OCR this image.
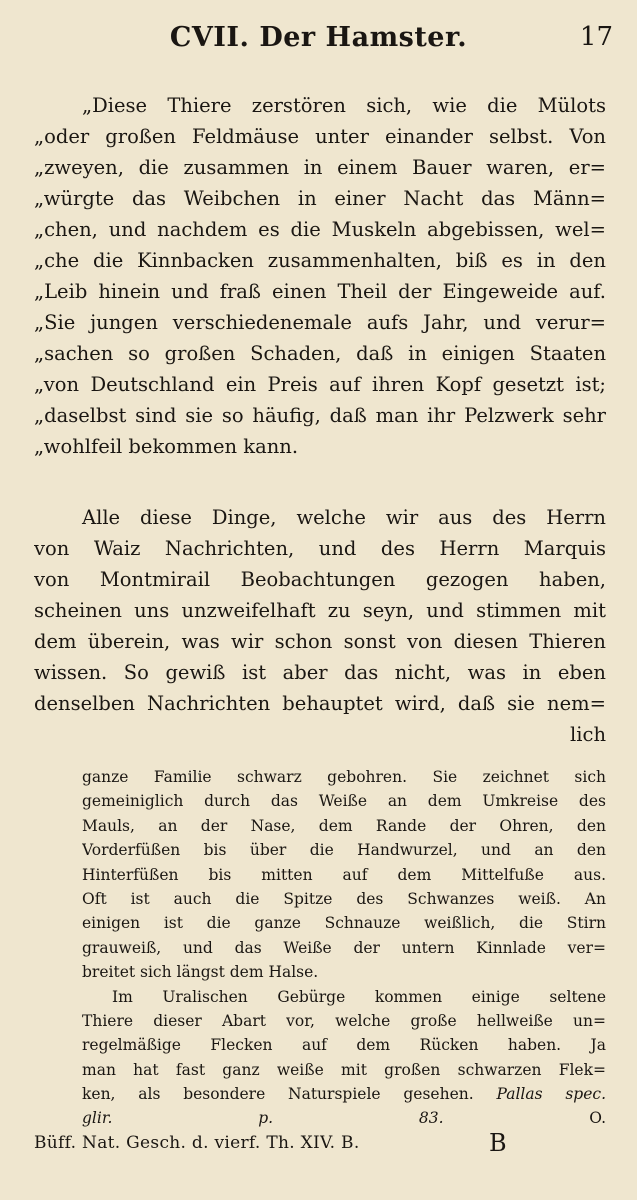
CVII. Der Hamster.	17
„Diese Thiere zerstören sich, wie die Mülots
„oder großen Feldmäuse unter einander selbst. Von
„zweyen, die zusammen in einem Bauer waren, er=
„würgte das Weibchen in einer Nacht das Männ=
„chen, und nachdem es die Muskeln abgebissen, wel=
„che die Kinnbacken zusammenhalten, biß es in den
„Leib hinein und fraß einen Theil der Eingeweide auf.
„Sie jungen verschiedenemale aufs Jahr, und verur=
„sachen so großen Schaden, daß in einigen Staaten
„von Deutschland ein Preis auf ihren Kopf gesetzt ist;
„daselbst sind sie so häufig, daß man ihr Pelzwerk sehr
„wohlfeil bekommen kann.
Alle diese Dinge, welche wir aus des Herrn
von Waiz Nachrichten, und des Herrn Marquis
von Montmirail Beobachtungen gezogen haben,
scheinen uns unzweifelhaft zu seyn, und stimmen mit
dem überein, was wir schon sonst von diesen Thieren
wissen. So gewiß ist aber das nicht, was in eben
denselben Nachrichten behauptet wird, daß sie nem=
lich
ganze Familie schwarz gebohren. Sie zeichnet sich
gemeiniglich durch das Weiße an dem Umkreise des
Mauls, an der Nase, dem Rande der Ohren, den
Vorderfüßen bis über die Handwurzel, und an den
Hinterfüßen bis mitten auf dem Mittelfuße aus.
Oft ist auch die Spitze des Schwanzes weiß. An
einigen ist die ganze Schnauze weißlich, die Stirn
grauweiß, und das Weiße der untern Kinnlade ver=
breitet sich längst dem Halse.
Im Uralischen Gebürge kommen einige seltene
Thiere dieser Abart vor, welche große hellweiße un=
regelmäßige Flecken auf dem Rücken haben. Ja
man hat fast ganz weiße mit großen schwarzen Flek=
ken, als besondere Naturspiele gesehen. Pallas spec.
glir. p. 83.	O.
Büff. Nat. Gesch. d. vierf. Th. XIV. B.	B
